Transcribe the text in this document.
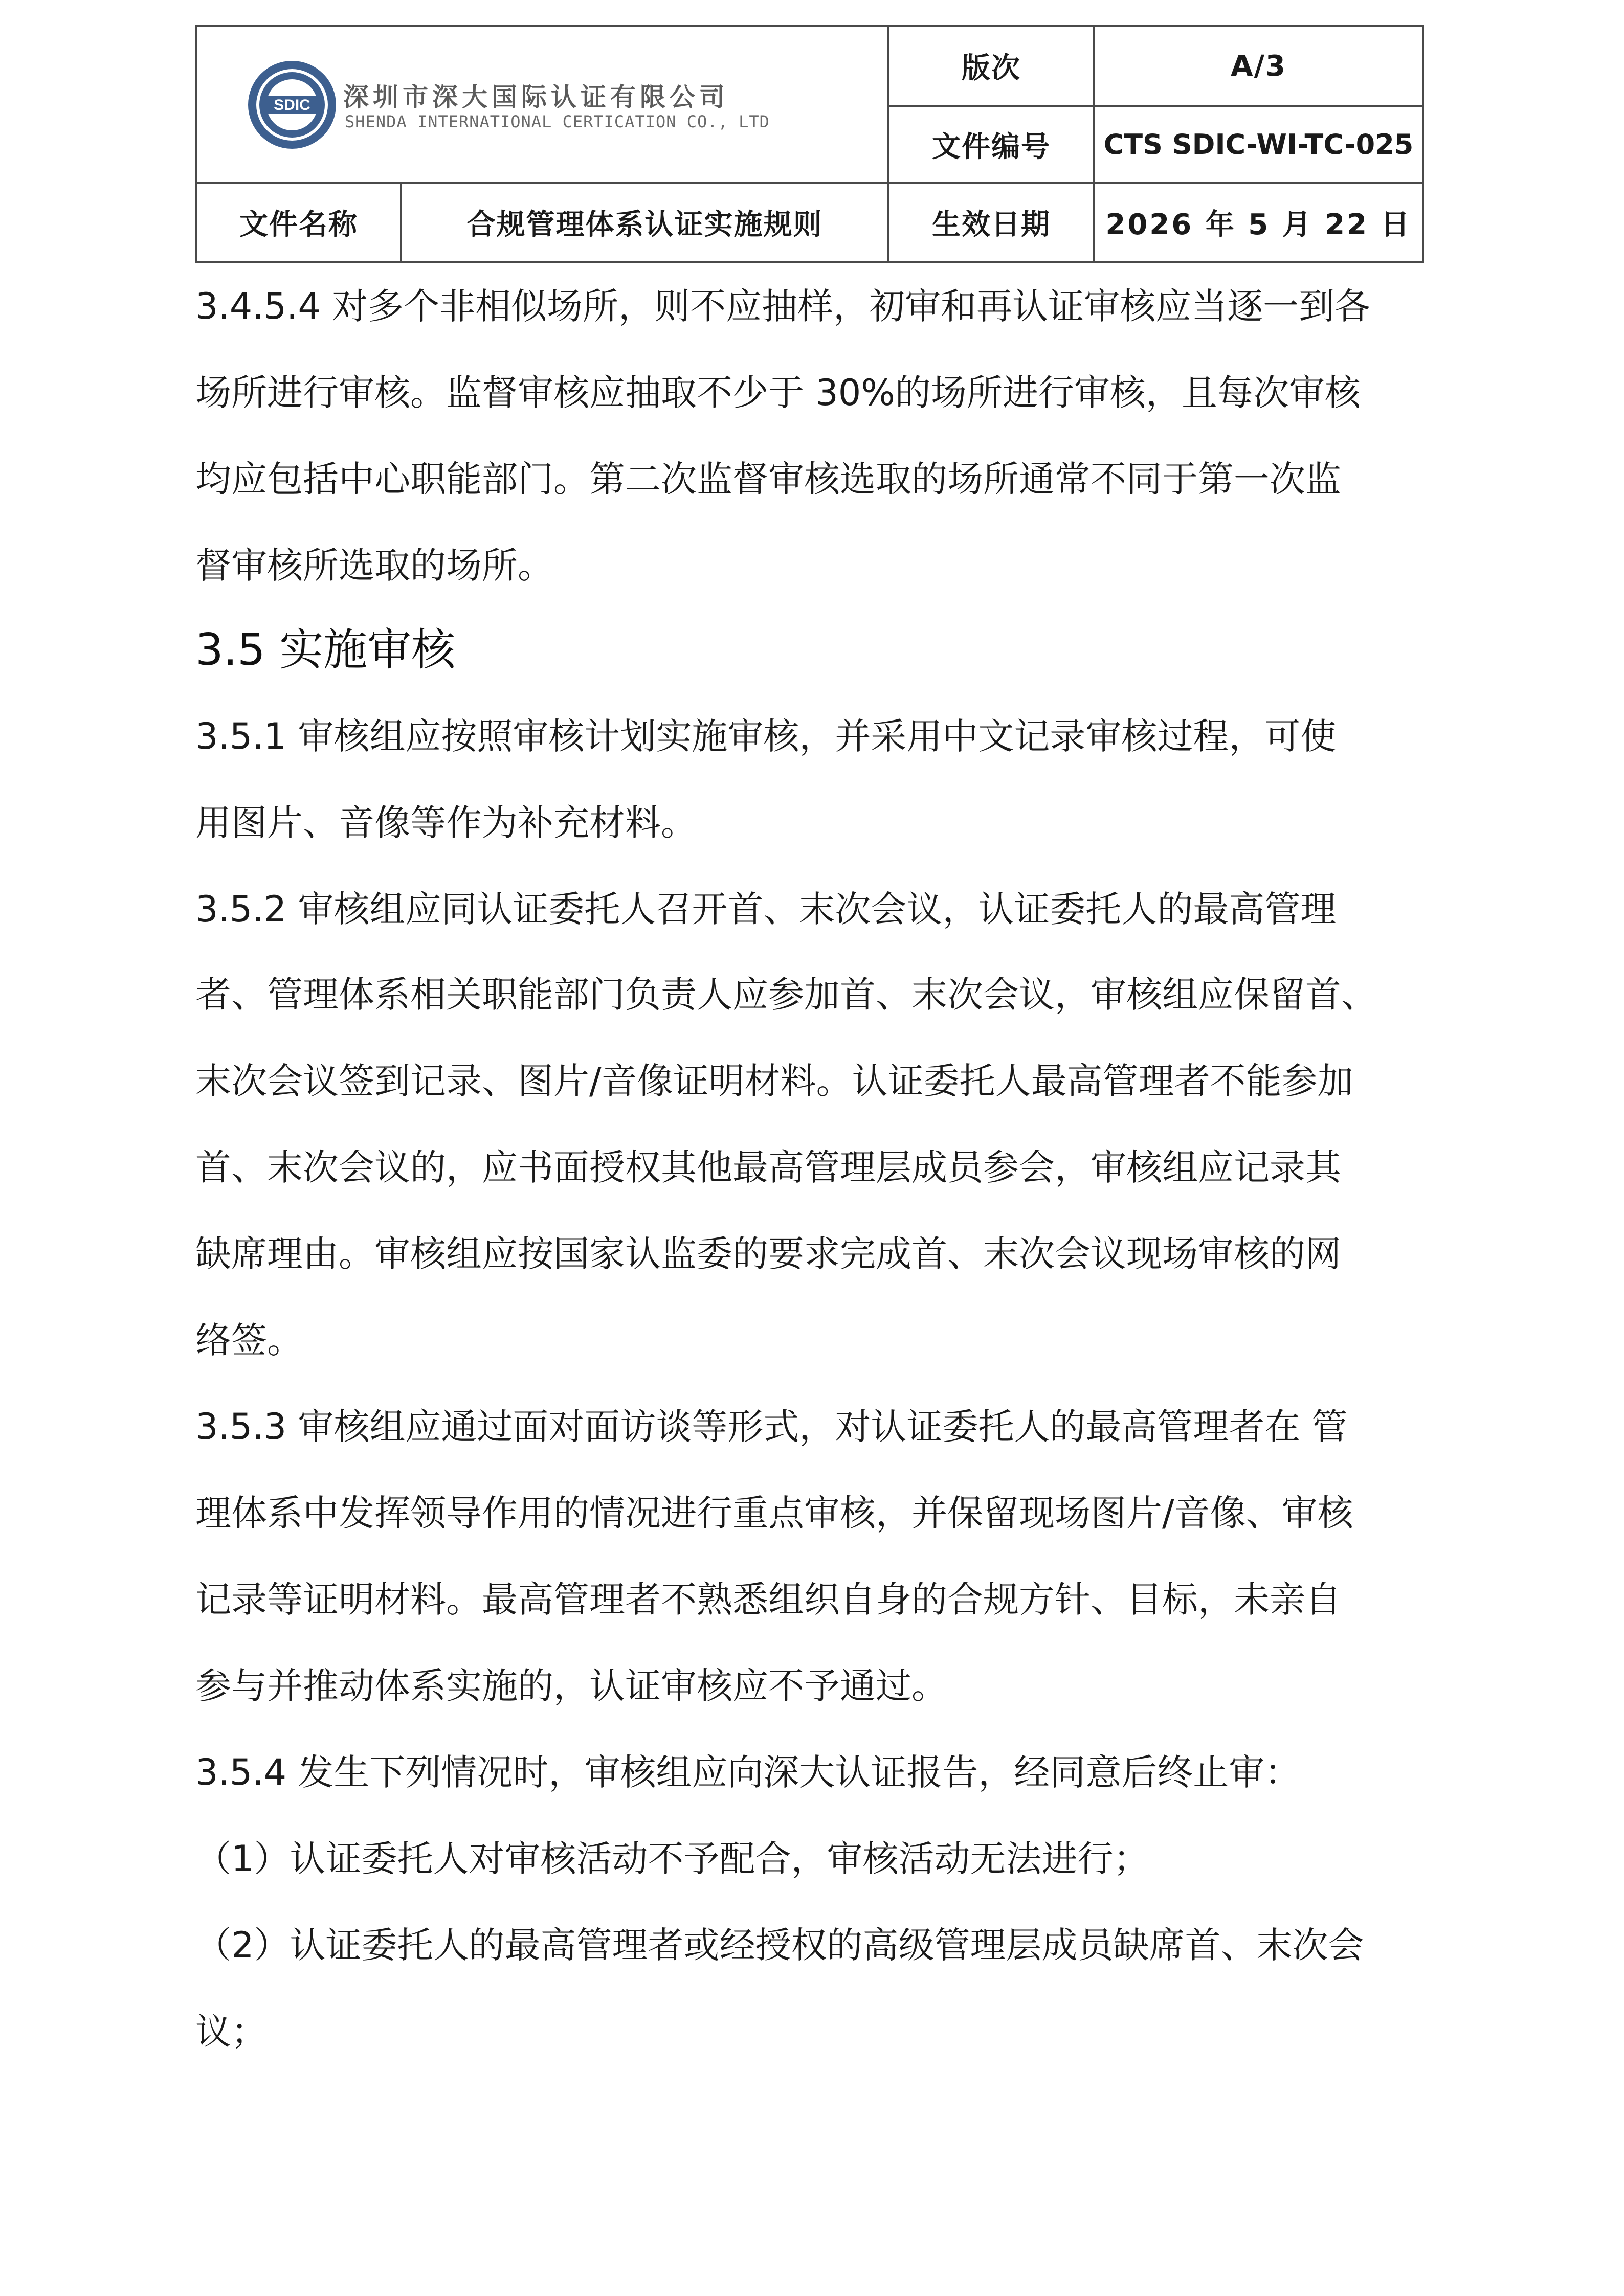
SDIC 深圳市深大国际认证有限公司
SHENDA INTERNATIONAL CERTICATION CO., LTD
版次	A/3
文件编号	CTS SDIC-WI-TC-025
文件名称	合规管理体系认证实施规则	生效日期	2026 年 5 月 22 日
3.4.5.4 对多个非相似场所，则不应抽样，初审和再认证审核应当逐一到各
场所进行审核。监督审核应抽取不少于 30%的场所进行审核，且每次审核
均应包括中心职能部门。第二次监督审核选取的场所通常不同于第一次监
督审核所选取的场所。
3.5 实施审核
3.5.1 审核组应按照审核计划实施审核，并采用中文记录审核过程，可使
用图片、音像等作为补充材料。
3.5.2 审核组应同认证委托人召开首、末次会议，认证委托人的最高管理
者、管理体系相关职能部门负责人应参加首、末次会议，审核组应保留首、
末次会议签到记录、图片/音像证明材料。认证委托人最高管理者不能参加
首、末次会议的，应书面授权其他最高管理层成员参会，审核组应记录其
缺席理由。审核组应按国家认监委的要求完成首、末次会议现场审核的网
络签。
3.5.3 审核组应通过面对面访谈等形式，对认证委托人的最高管理者在 管
理体系中发挥领导作用的情况进行重点审核，并保留现场图片/音像、审核
记录等证明材料。最高管理者不熟悉组织自身的合规方针、目标，未亲自
参与并推动体系实施的，认证审核应不予通过。
3.5.4 发生下列情况时，审核组应向深大认证报告，经同意后终止审：
（1）认证委托人对审核活动不予配合，审核活动无法进行；
（2）认证委托人的最高管理者或经授权的高级管理层成员缺席首、末次会
议；
